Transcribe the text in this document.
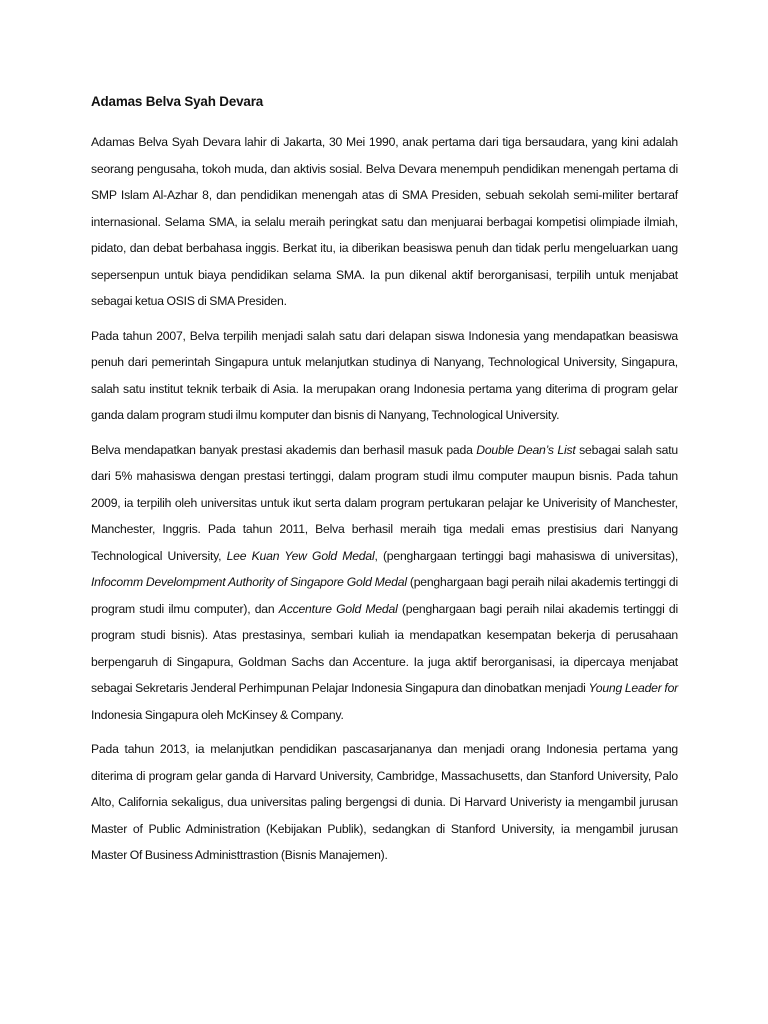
Adamas Belva Syah Devara

Adamas Belva Syah Devara lahir di Jakarta, 30 Mei 1990, anak pertama dari tiga bersaudara, yang kini adalah seorang pengusaha, tokoh muda, dan aktivis sosial. Belva Devara menempuh pendidikan menengah pertama di SMP Islam Al-Azhar 8, dan pendidikan menengah atas di SMA Presiden, sebuah sekolah semi-militer bertaraf internasional. Selama SMA, ia selalu meraih peringkat satu dan menjuarai berbagai kompetisi olimpiade ilmiah, pidato, dan debat berbahasa inggis. Berkat itu, ia diberikan beasiswa penuh dan tidak perlu mengeluarkan uang sepersenpun untuk biaya pendidikan selama SMA. Ia pun dikenal aktif berorganisasi, terpilih untuk menjabat sebagai ketua OSIS di SMA Presiden.

Pada tahun 2007, Belva terpilih menjadi salah satu dari delapan siswa Indonesia yang mendapatkan beasiswa penuh dari pemerintah Singapura untuk melanjutkan studinya di Nanyang, Technological University, Singapura, salah satu institut teknik terbaik di Asia. Ia merupakan orang Indonesia pertama yang diterima di program gelar ganda dalam program studi ilmu komputer dan bisnis di Nanyang, Technological University.

Belva mendapatkan banyak prestasi akademis dan berhasil masuk pada Double Dean’s List sebagai salah satu dari 5% mahasiswa dengan prestasi tertinggi, dalam program studi ilmu computer maupun bisnis. Pada tahun 2009, ia terpilih oleh universitas untuk ikut serta dalam program pertukaran pelajar ke Univerisity of Manchester, Manchester, Inggris. Pada tahun 2011, Belva berhasil meraih tiga medali emas prestisius dari Nanyang Technological University, Lee Kuan Yew Gold Medal, (penghargaan tertinggi bagi mahasiswa di universitas), Infocomm Develompment Authority of Singapore Gold Medal (penghargaan bagi peraih nilai akademis tertinggi di program studi ilmu computer), dan Accenture Gold Medal (penghargaan bagi peraih nilai akademis tertinggi di program studi bisnis). Atas prestasinya, sembari kuliah ia mendapatkan kesempatan bekerja di perusahaan berpengaruh di Singapura, Goldman Sachs dan Accenture. Ia juga aktif berorganisasi, ia dipercaya menjabat sebagai Sekretaris Jenderal Perhimpunan Pelajar Indonesia Singapura dan dinobatkan menjadi Young Leader for Indonesia Singapura oleh McKinsey & Company.

Pada tahun 2013, ia melanjutkan pendidikan pascasarjananya dan menjadi orang Indonesia pertama yang diterima di program gelar ganda di Harvard University, Cambridge, Massachusetts, dan Stanford University, Palo Alto, California sekaligus, dua universitas paling bergengsi di dunia. Di Harvard Univeristy ia mengambil jurusan Master of Public Administration (Kebijakan Publik), sedangkan di Stanford University, ia mengambil jurusan Master Of Business Administtrastion (Bisnis Manajemen).
